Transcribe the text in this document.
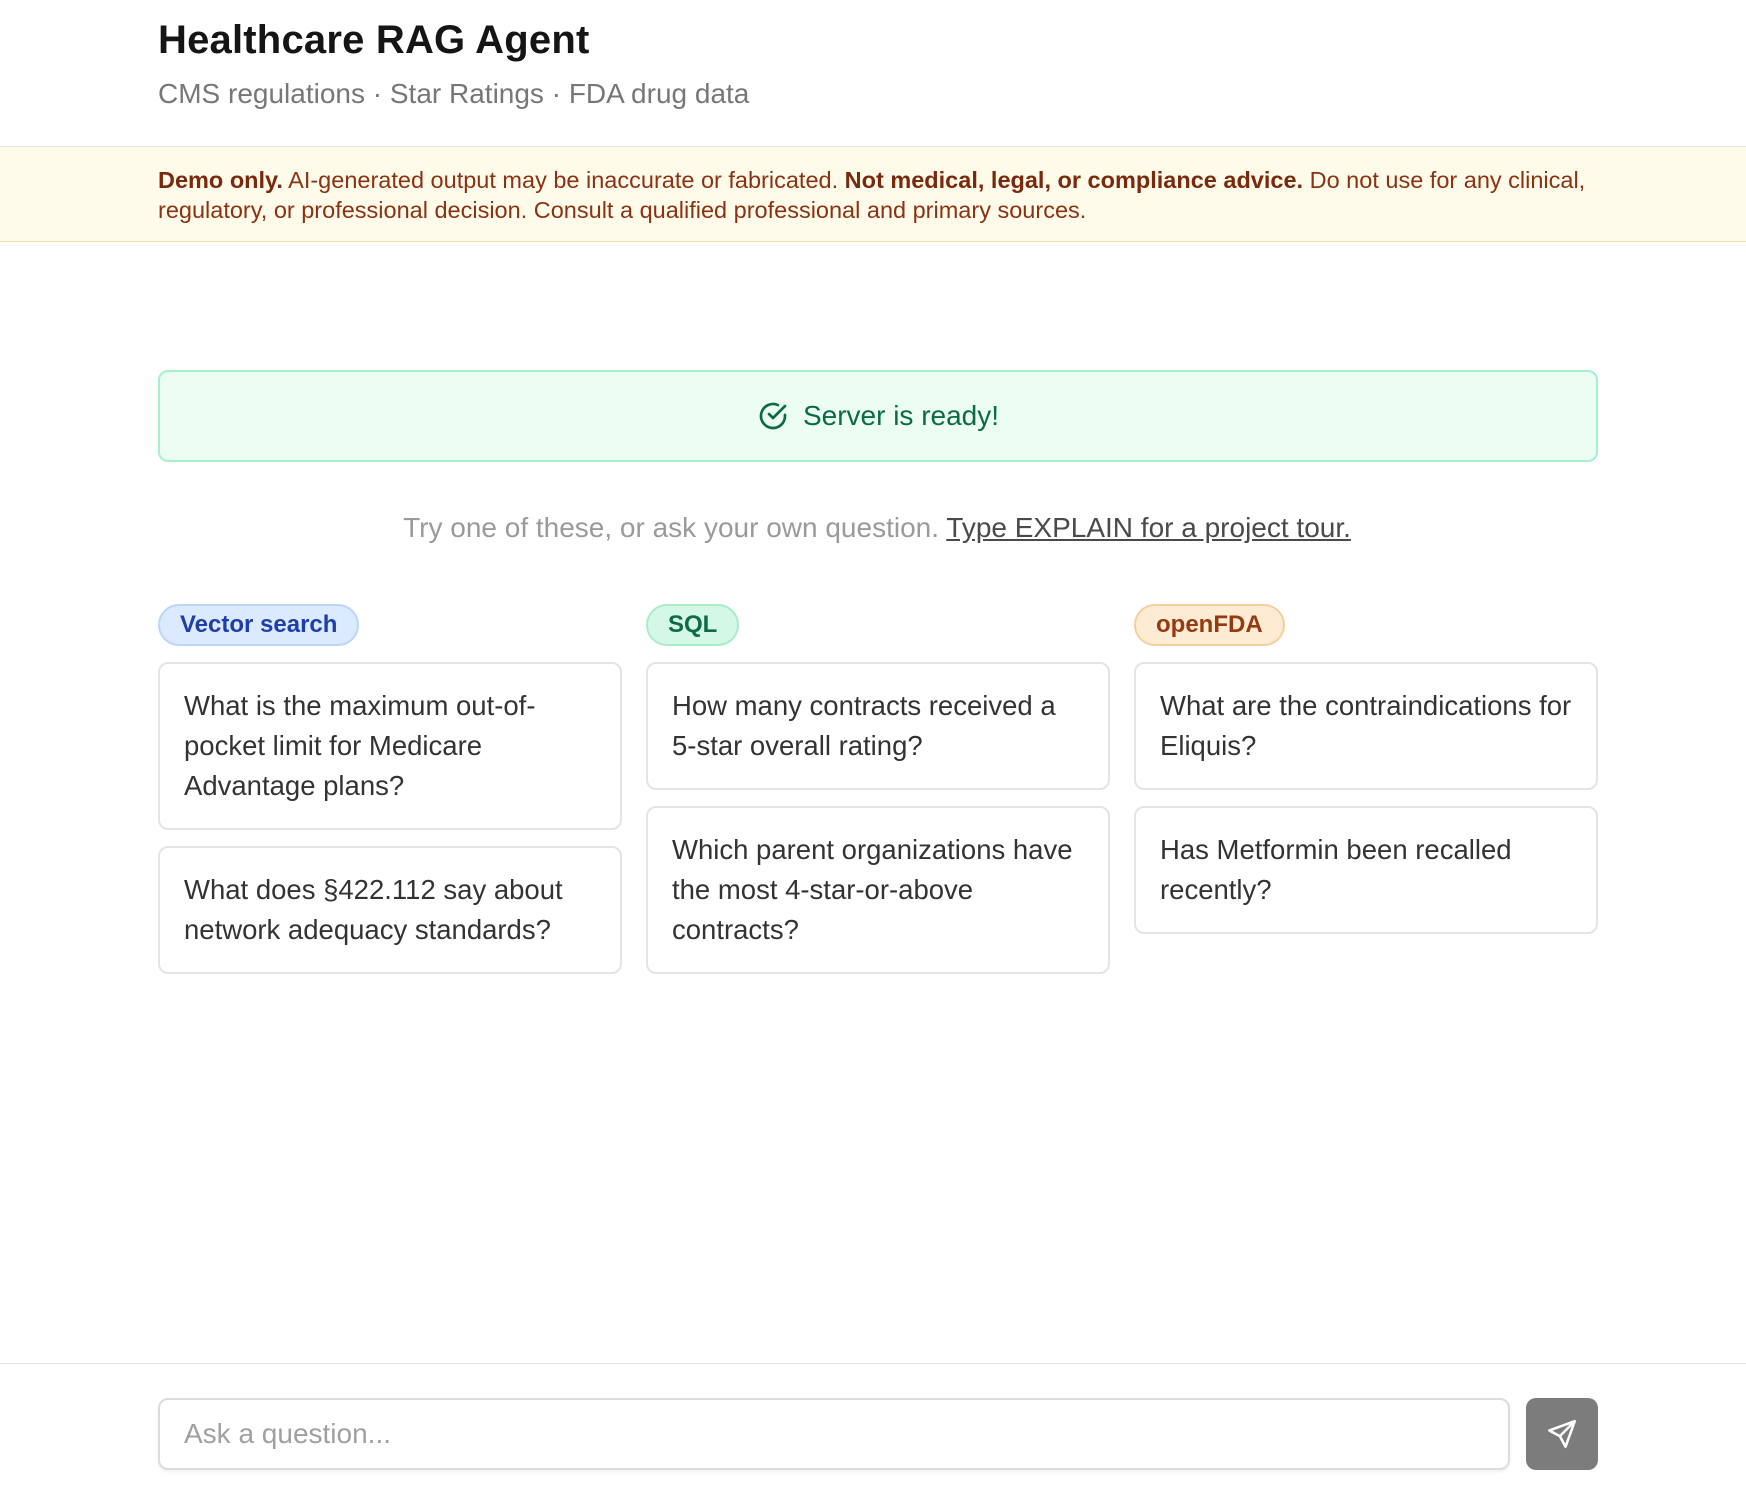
Healthcare RAG Agent
CMS regulations · Star Ratings · FDA drug data
Demo only. AI-generated output may be inaccurate or fabricated. Not medical, legal, or compliance advice. Do not use for any clinical, regulatory, or professional decision. Consult a qualified professional and primary sources.
Server is ready!
Try one of these, or ask your own question. Type EXPLAIN for a project tour.
Vector search
What is the maximum out-of-pocket limit for Medicare Advantage plans?
What does §422.112 say about network adequacy standards?
SQL
How many contracts received a 5-star overall rating?
Which parent organizations have the most 4-star-or-above contracts?
openFDA
What are the contraindications for Eliquis?
Has Metformin been recalled recently?
Ask a question...
